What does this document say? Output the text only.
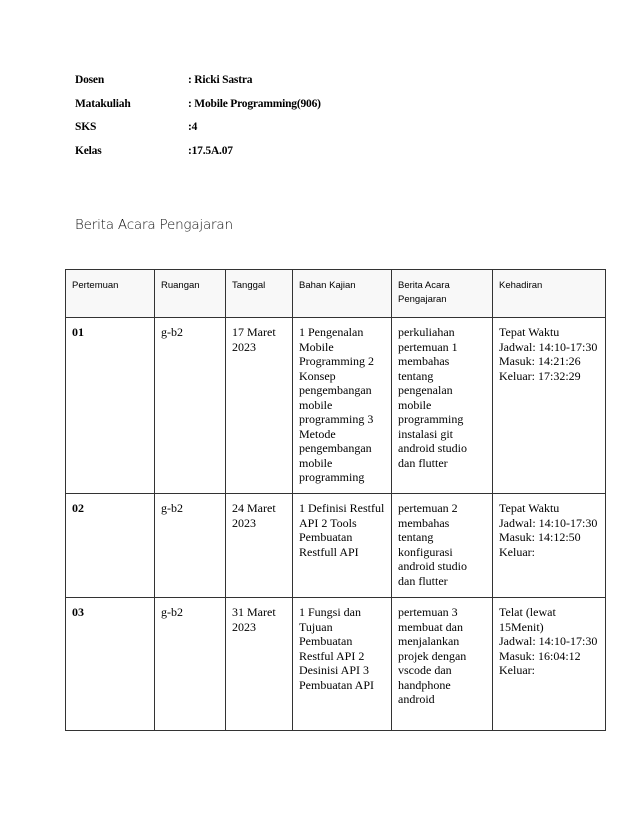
Dosen	: Ricki Sastra
Matakuliah	: Mobile Programming(906)
SKS	:4
Kelas	:17.5A.07
Berita Acara Pengajaran
Pertemuan	Ruangan	Tanggal	Bahan Kajian	Berita Acara Pengajaran	Kehadiran
01	g-b2	17 Maret 2023	1 Pengenalan Mobile Programming 2 Konsep pengembangan mobile programming 3 Metode pengembangan mobile programming	perkuliahan pertemuan 1 membahas tentang pengenalan mobile programming instalasi git android studio dan flutter	Tepat Waktu
Jadwal: 14:10-17:30
Masuk: 14:21:26
Keluar: 17:32:29

02	g-b2	24 Maret 2023	1 Definisi Restful API 2 Tools Pembuatan Restfull API	pertemuan 2 membahas tentang konfigurasi android studio dan flutter	Tepat Waktu
Jadwal: 14:10-17:30
Masuk: 14:12:50
Keluar:

03	g-b2	31 Maret 2023	1 Fungsi dan Tujuan Pembuatan Restful API 2 Desinisi API 3 Pembuatan API	pertemuan 3 membuat dan menjalankan projek dengan vscode dan handphone android	Telat (lewat 15Menit)
Jadwal: 14:10-17:30
Masuk: 16:04:12
Keluar:
